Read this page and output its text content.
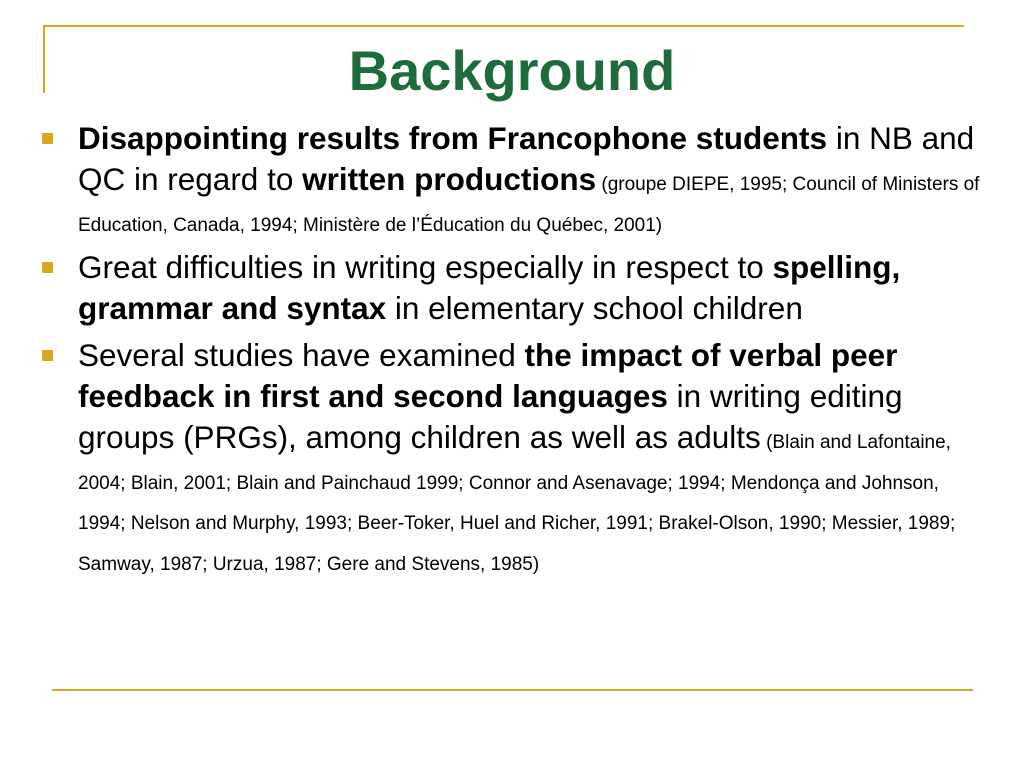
Background
Disappointing results from Francophone students in NB and QC in regard to written productions (groupe DIEPE, 1995; Council of Ministers of Education, Canada, 1994; Ministère de l’Éducation du Québec, 2001)
Great difficulties in writing especially in respect to spelling, grammar and syntax in elementary school children
Several studies have examined the impact of verbal peer feedback in first and second languages in writing editing groups (PRGs), among children as well as adults (Blain and Lafontaine, 2004; Blain, 2001; Blain and Painchaud 1999; Connor and Asenavage; 1994; Mendonça and Johnson, 1994; Nelson and Murphy, 1993; Beer-Toker, Huel and Richer, 1991; Brakel-Olson, 1990; Messier, 1989; Samway, 1987; Urzua, 1987; Gere and Stevens, 1985)
